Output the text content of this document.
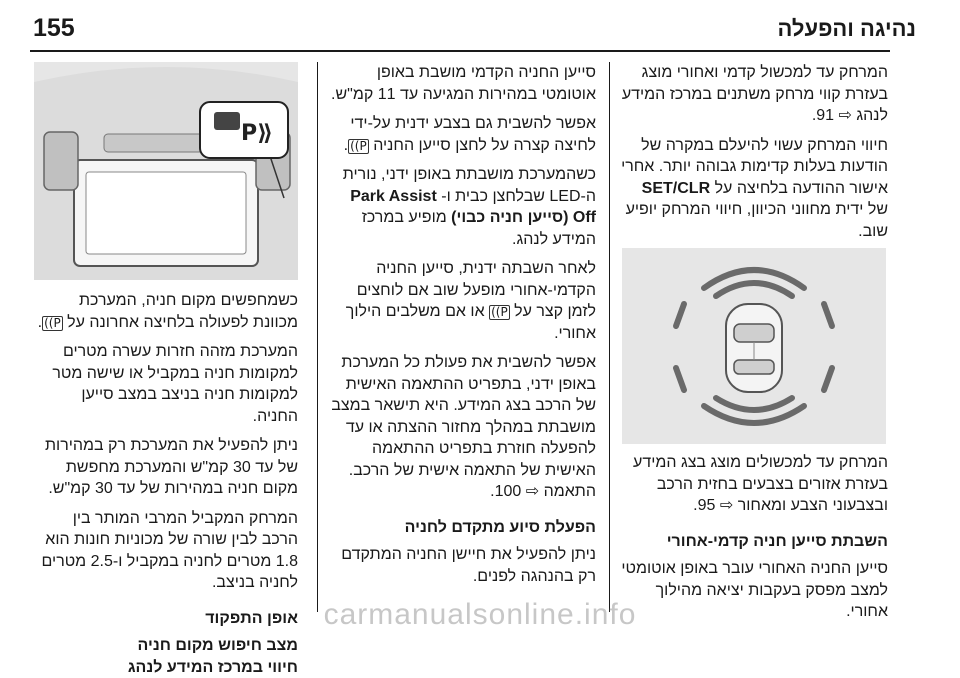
155	נהיגה והפעלה

המרחק עד למכשול קדמי ואחורי מוצג בעזרת קווי מרחק משתנים במרכז המידע לנהג ⇨ 91.

חיווי המרחק עשוי להיעלם במקרה של הודעות בעלות קדימות גבוהה יותר. אחרי אישור ההודעה בלחיצה על SET/CLR של ידית מחווני הכיוון, חיווי המרחק יופיע שוב.

המרחק עד למכשולים מוצג בצג המידע בעזרת אזורים בצבעים בחזית הרכב ובצבעוני הצבע ומאחור ⇨ 95.

השבתת סייען חניה קדמי-אחורי

סייען החניה האחורי עובר באופן אוטומטי למצב מפסק בעקבות יציאה מהילוך אחורי.

סייען החניה הקדמי מושבת באופן אוטומטי במהירות המגיעה עד 11 קמ"ש.

אפשר להשבית גם בצבע ידנית על-ידי לחיצה קצרה על לחצן סייען החניה P)).

כשהמערכת מושבתת באופן ידני, נורית ה-LED שבלחצן כבית ו- Park Assist Off (סייען חניה כבוי) מופיע במרכז המידע לנהג.

לאחר השבתה ידנית, סייען החניה הקדמי-אחורי מופעל שוב אם לוחצים לזמן קצר על P)) או אם משלבים הילוך אחורי.

אפשר להשבית את פעולת כל המערכת באופן ידני, בתפריט ההתאמה האישית של הרכב בצג המידע. היא תישאר במצב מושבתת במהלך מחזור ההצתה או עד להפעלה חוזרת בתפריט ההתאמה האישית של התאמה אישית של הרכב. התאמה ⇨ 100.

הפעלת סיוע מתקדם לחניה

ניתן להפעיל את חיישן החניה המתקדם רק בהנהגה לפנים.

P⟫

כשמחפשים מקום חניה, המערכת מכוונת לפעולה בלחיצה אחרונה על P)).

המערכת מזהה חזרות עשרה מטרים למקומות חניה במקביל או שישה מטר למקומות חניה בניצב במצב סייען החניה.

ניתן להפעיל את המערכת רק במהירות של עד 30 קמ"ש והמערכת מחפשת מקום חניה במהירות של עד 30 קמ"ש.

המרחק המקביל המרבי המותר בין הרכב לבין שורה של מכוניות חונות הוא 1.8 מטרים לחניה במקביל ו-2.5 מטרים לחניה בניצב.

אופן התפקוד

מצב חיפוש מקום חניה

חיווי במרכז המידע לנהג

carmanualsonline.info
